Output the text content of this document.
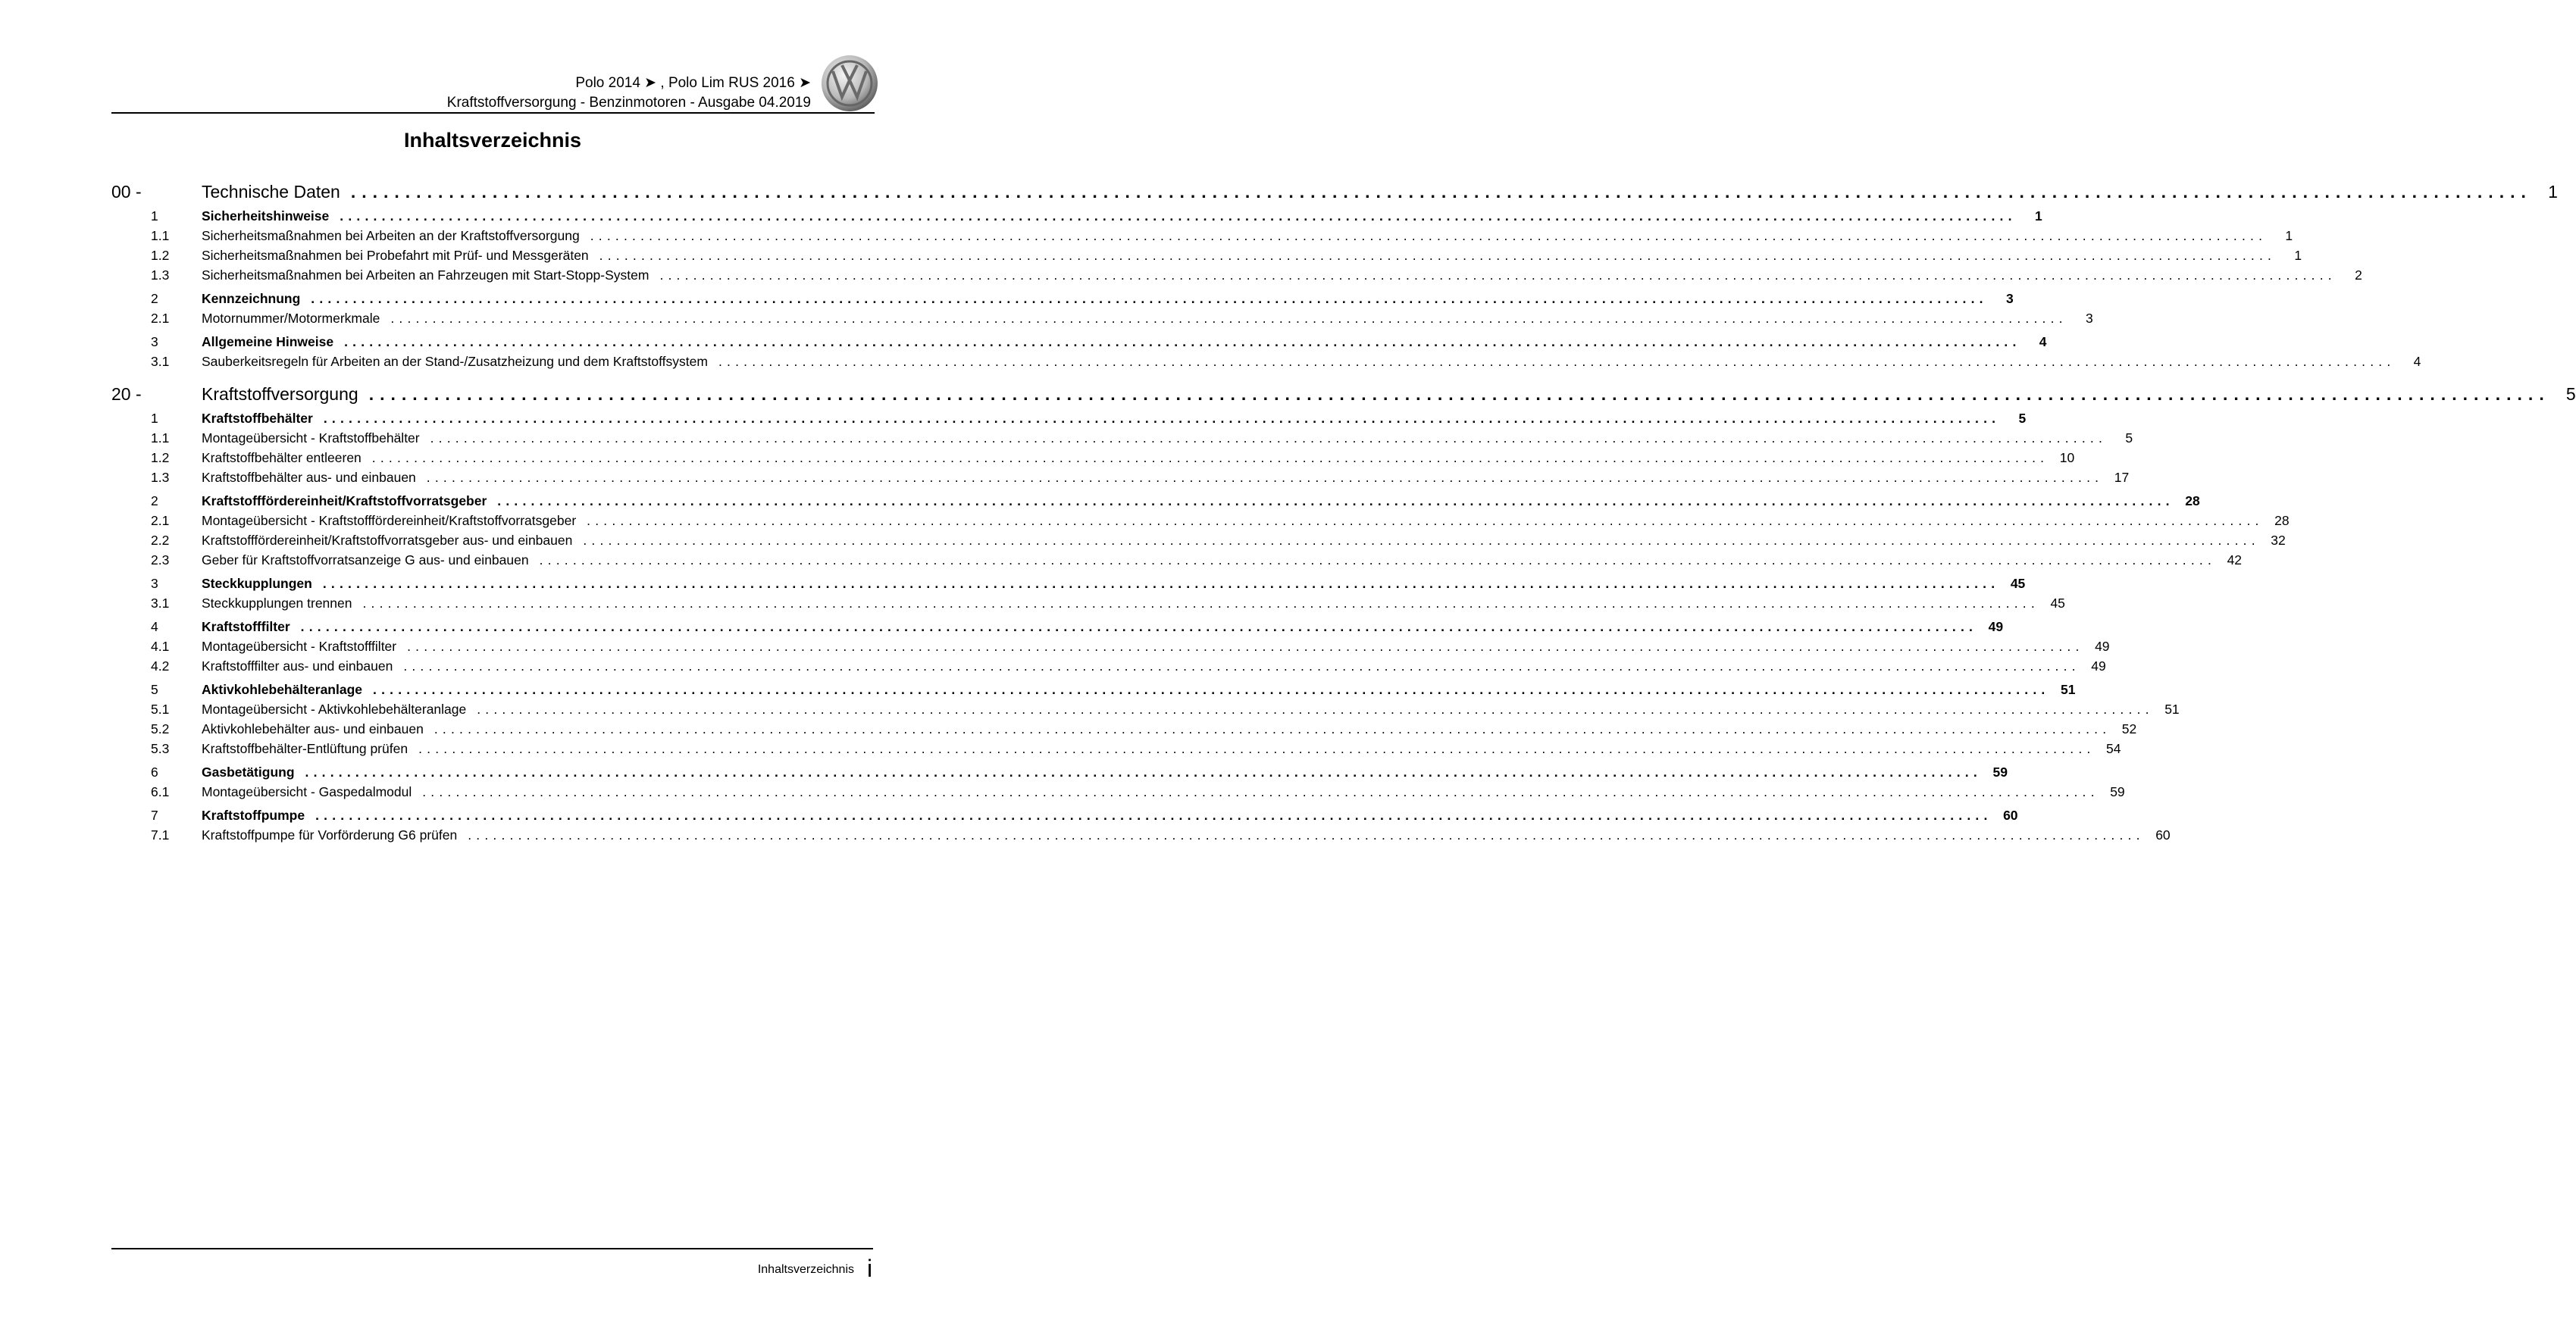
Polo 2014 ➤ , Polo Lim RUS 2016 ➤
Kraftstoffversorgung - Benzinmotoren - Ausgabe 04.2019
Inhaltsverzeichnis
00 -	Technische Daten ........................................................................................................................................................................................................ 1
1	Sicherheitshinweise ........................................................................................................................................................................................................	1
1.1	Sicherheitsmaßnahmen bei Arbeiten an der Kraftstoffversorgung ........................................................................................................................................................................................................	1
1.2	Sicherheitsmaßnahmen bei Probefahrt mit Prüf- und Messgeräten ........................................................................................................................................................................................................	1
1.3	Sicherheitsmaßnahmen bei Arbeiten an Fahrzeugen mit Start-Stopp-System ........................................................................................................................................................................................................	2
2	Kennzeichnung ........................................................................................................................................................................................................	3
2.1	Motornummer/Motormerkmale ........................................................................................................................................................................................................	3
3	Allgemeine Hinweise ........................................................................................................................................................................................................	4
3.1	Sauberkeitsregeln für Arbeiten an der Stand-/Zusatzheizung und dem Kraftstoffsystem ........................................................................................................................................................................................................	4
20 -	Kraftstoffversorgung ........................................................................................................................................................................................................ 5
1	Kraftstoffbehälter ........................................................................................................................................................................................................	5
1.1	Montageübersicht - Kraftstoffbehälter ........................................................................................................................................................................................................	5
1.2	Kraftstoffbehälter entleeren ........................................................................................................................................................................................................ 10
1.3	Kraftstoffbehälter aus- und einbauen ........................................................................................................................................................................................................ 17
2	Kraftstofffördereinheit/Kraftstoffvorratsgeber ........................................................................................................................................................................................................ 28
2.1	Montageübersicht - Kraftstofffördereinheit/Kraftstoffvorratsgeber ........................................................................................................................................................................................................ 28
2.2	Kraftstofffördereinheit/Kraftstoffvorratsgeber aus- und einbauen ........................................................................................................................................................................................................ 32
2.3	Geber für Kraftstoffvorratsanzeige G aus- und einbauen ........................................................................................................................................................................................................ 42
3	Steckkupplungen ........................................................................................................................................................................................................ 45
3.1	Steckkupplungen trennen ........................................................................................................................................................................................................ 45
4	Kraftstofffilter ........................................................................................................................................................................................................ 49
4.1	Montageübersicht - Kraftstofffilter ........................................................................................................................................................................................................ 49
4.2	Kraftstofffilter aus- und einbauen ........................................................................................................................................................................................................ 49
5	Aktivkohlebehälteranlage ........................................................................................................................................................................................................ 51
5.1	Montageübersicht - Aktivkohlebehälteranlage ........................................................................................................................................................................................................ 51
5.2	Aktivkohlebehälter aus- und einbauen ........................................................................................................................................................................................................ 52
5.3	Kraftstoffbehälter-Entlüftung prüfen ........................................................................................................................................................................................................ 54
6	Gasbetätigung ........................................................................................................................................................................................................ 59
6.1	Montageübersicht - Gaspedalmodul ........................................................................................................................................................................................................ 59
7	Kraftstoffpumpe ........................................................................................................................................................................................................ 60
7.1	Kraftstoffpumpe für Vorförderung G6 prüfen ........................................................................................................................................................................................................ 60
Inhaltsverzeichnis i
